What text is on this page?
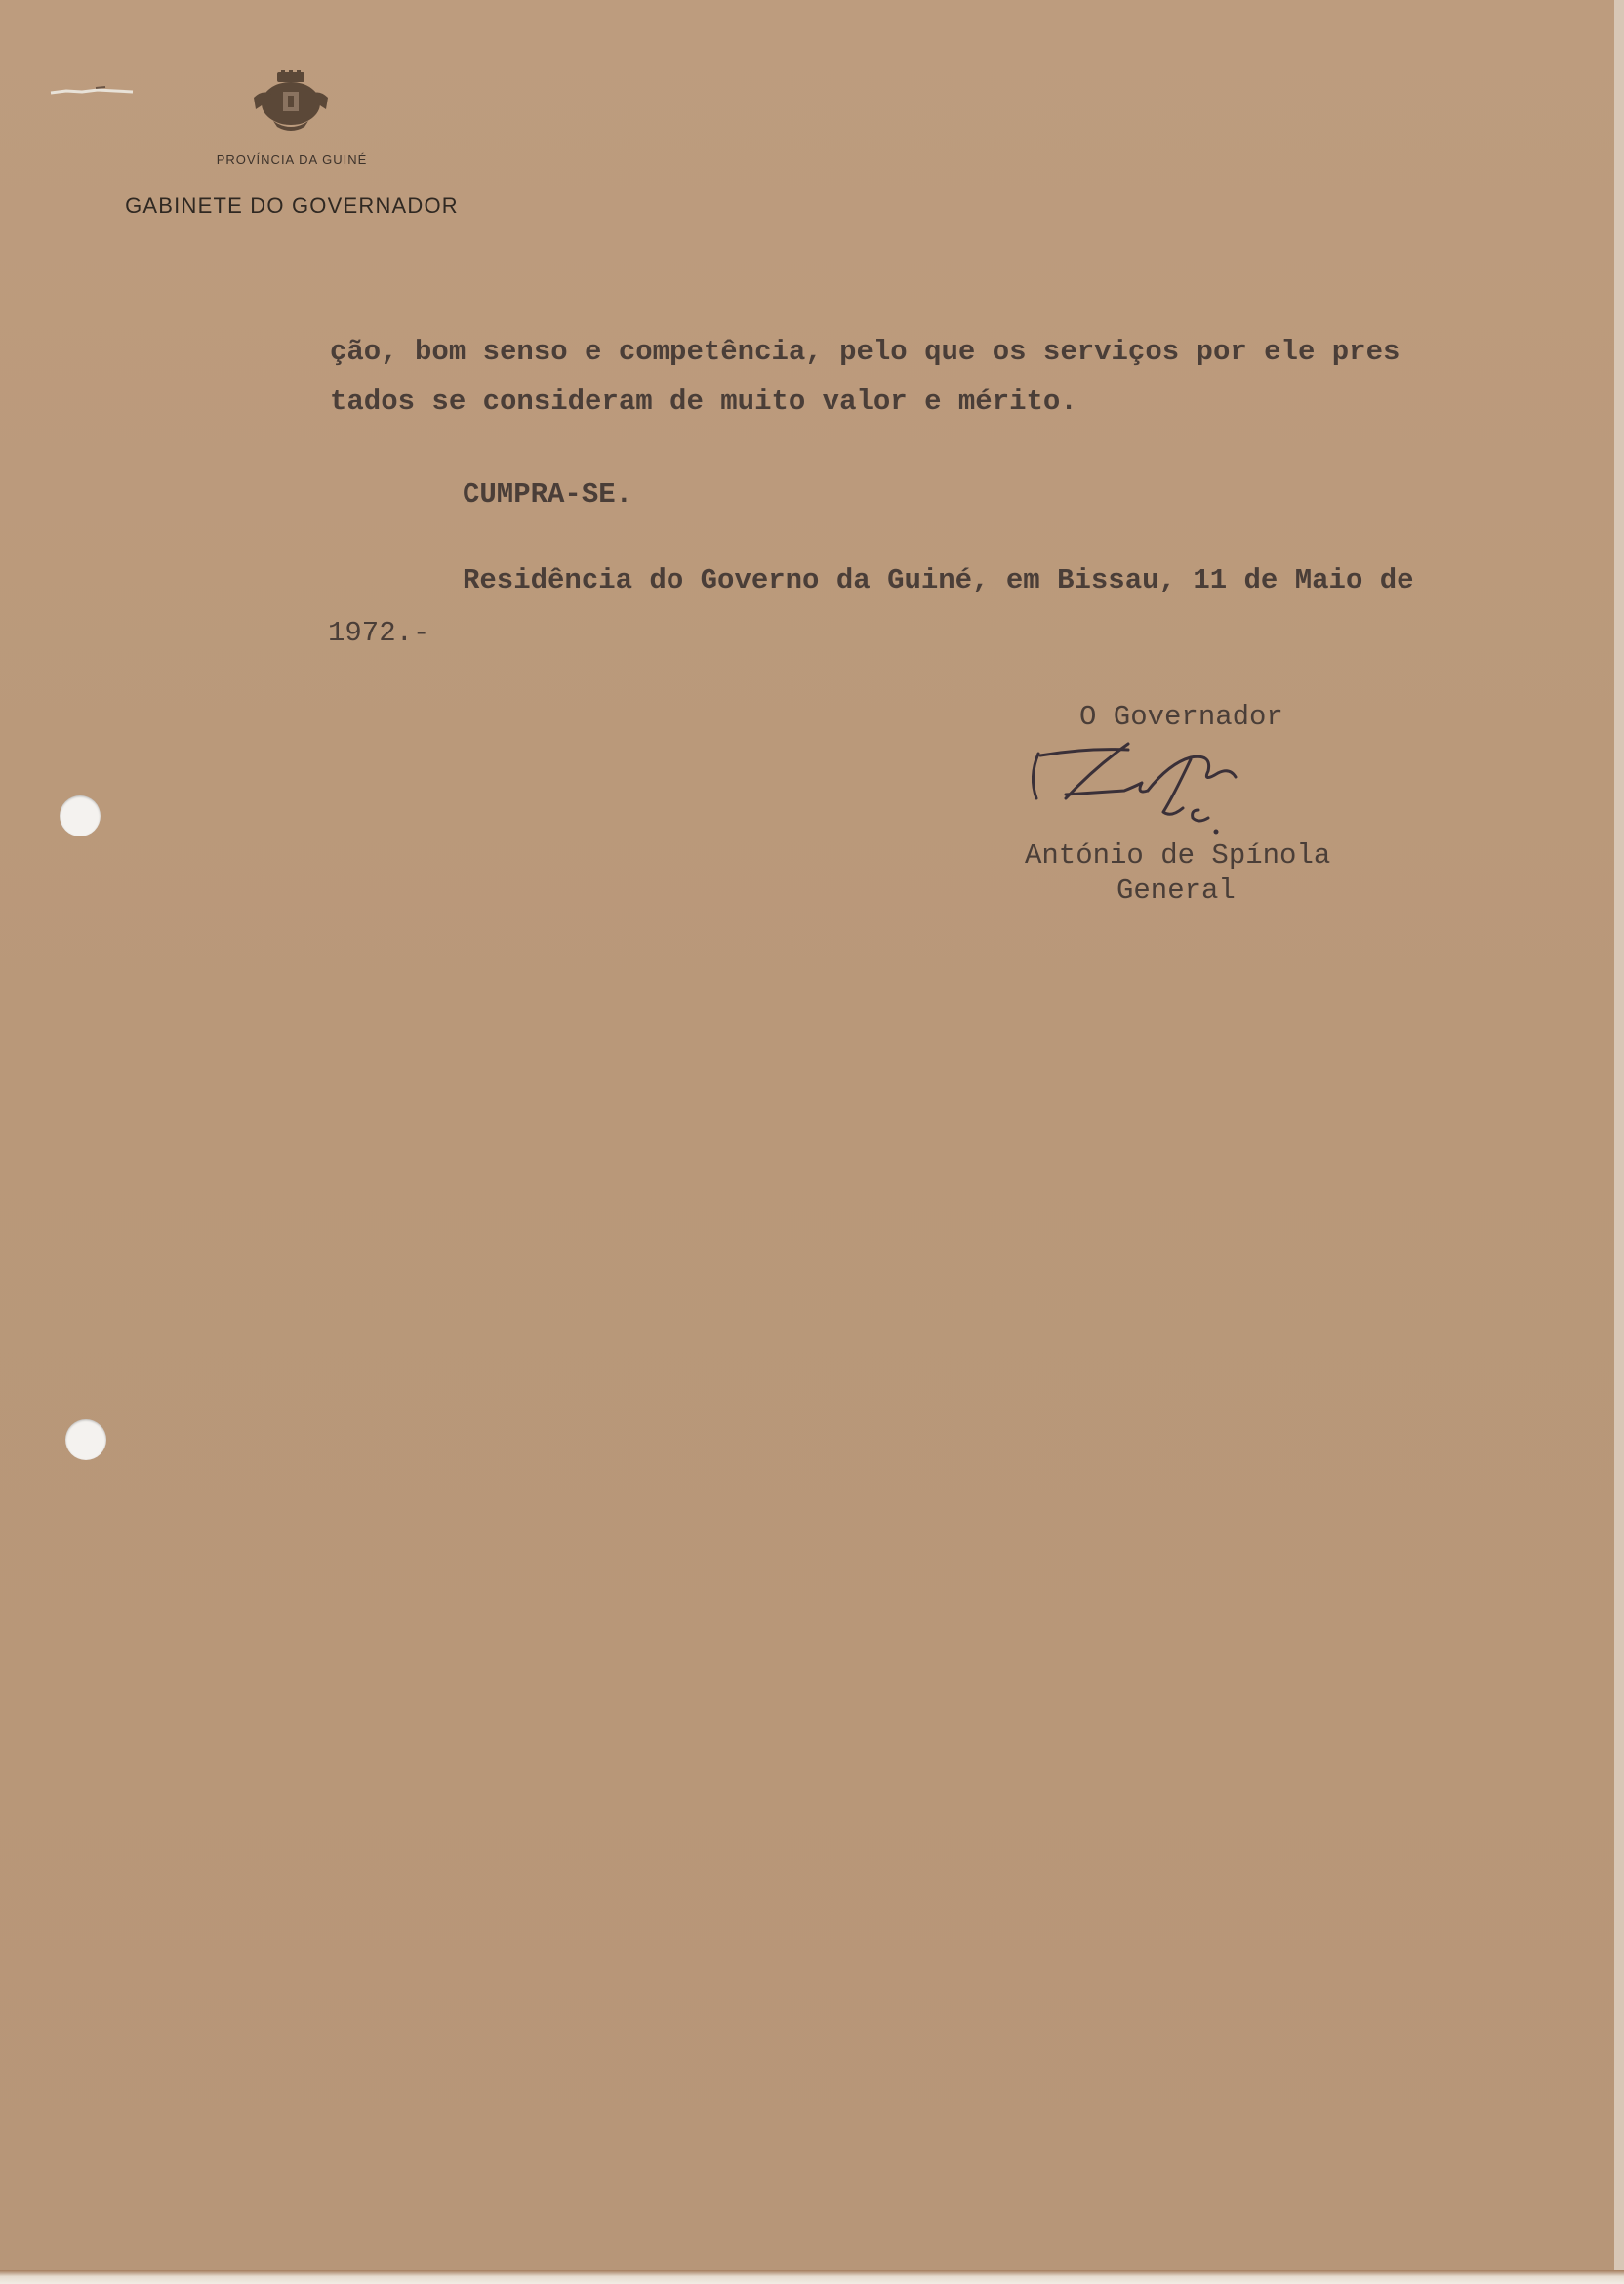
PROVÍNCIA DA GUINÉ
GABINETE DO GOVERNADOR
ção, bom senso e competência, pelo que os serviços por ele pres
tados se consideram de muito valor e mérito.
CUMPRA-SE.
Residência do Governo da Guiné, em Bissau, 11 de Maio de
1972.-
O Governador
António de Spínola
General
